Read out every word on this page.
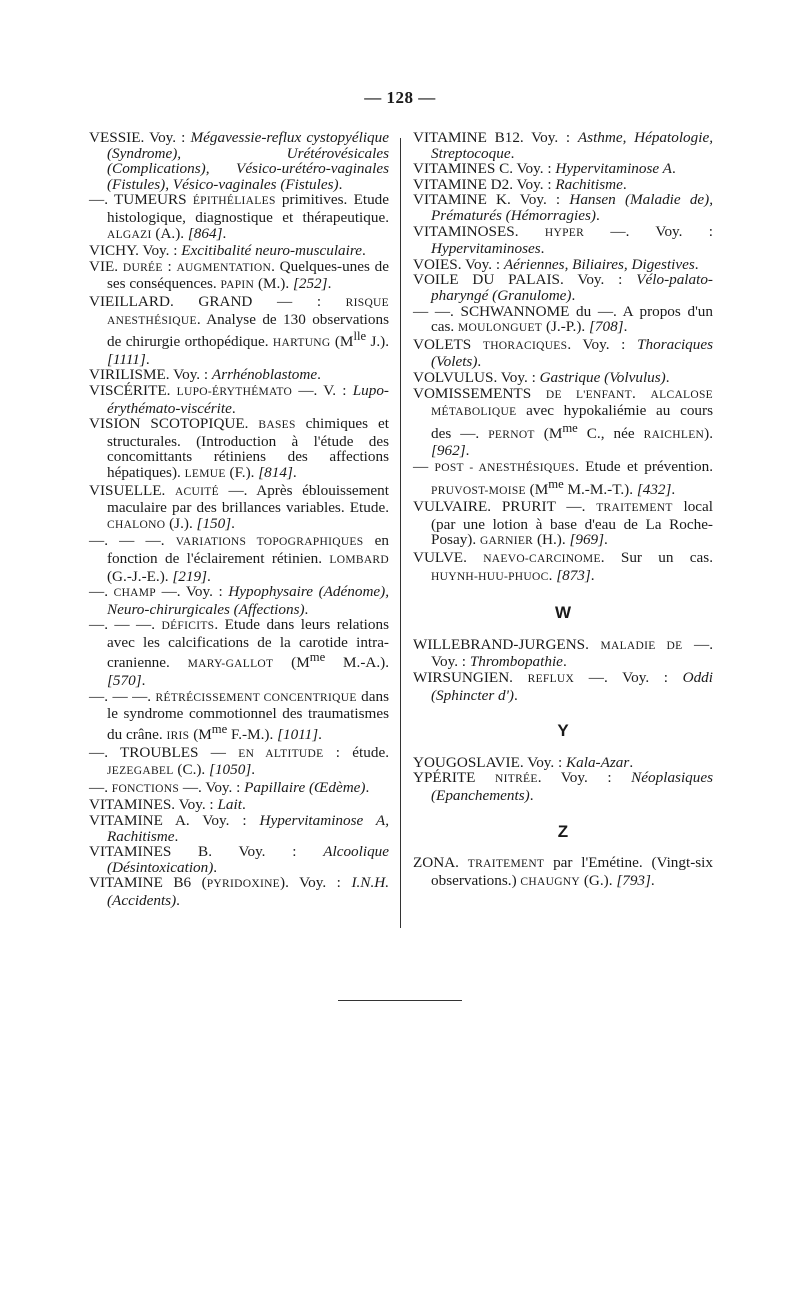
— 128 —

VESSIE. Voy. : Mégavessie-reflux cystopyélique (Syndrome), Urétérovésicales (Complications), Vésico-urétéro-vaginales (Fistules), Vésico-vaginales (Fistules).

—. TUMEURS ÉPITHÉLIALES primitives. Etude histologique, diagnostique et thérapeutique. ALGAZI (A.). [864].

VICHY. Voy. : Excitibalité neuro-musculaire.

VIE. DURÉE : AUGMENTATION. Quelques-unes de ses conséquences. PAPIN (M.). [252].

VIEILLARD. GRAND — : RISQUE ANESTHÉSIQUE. Analyse de 130 observations de chirurgie orthopédique. HARTUNG ($M^{lle}$ J.). [1111].

VIRILISME. Voy. : Arrhénoblastome.

VISCÉRITE. LUPO-ÉRYTHÉMATO —. V. : Lupo-érythémato-viscérite.

VISION SCOTOPIQUE. BASES chimiques et structurales. (Introduction à l'étude des concomittants rétiniens des affections hépatiques). LEMUE (F.). [814].

VISUELLE. ACUITÉ —. Après éblouissement maculaire par des brillances variables. Etude. CHALONO (J.). [150].

—. — —. VARIATIONS TOPOGRAPHIQUES en fonction de l'éclairement rétinien. LOMBARD (G.-J.-E.). [219].

—. CHAMP —. Voy. : Hypophysaire (Adénome), Neuro-chirurgicales (Affections).

—. — —. DÉFICITS. Etude dans leurs relations avec les calcifications de la carotide intra-cranienne. MARY-GALLOT ($M^{me}$ M.-A.). [570].

—. — —. RÉTRÉCISSEMENT CONCENTRIQUE dans le syndrome commotionnel des traumatismes du crâne. IRIS ($M^{me}$ F.-M.). [1011].

—. TROUBLES — EN ALTITUDE : étude. JEZEGABEL (C.). [1050].

—. FONCTIONS —. Voy. : Papillaire (Œdème).

VITAMINES. Voy. : Lait.

VITAMINE A. Voy. : Hypervitaminose A, Rachitisme.

VITAMINES B. Voy. : Alcoolique (Désintoxication).

VITAMINE B6 (PYRIDOXINE). Voy. : I.N.H. (Accidents).

VITAMINE B12. Voy. : Asthme, Hépatologie, Streptocoque.

VITAMINES C. Voy. : Hypervitaminose A.

VITAMINE D2. Voy. : Rachitisme.

VITAMINE K. Voy. : Hansen (Maladie de), Prématurés (Hémorragies).

VITAMINOSES. HYPER —. Voy. : Hypervitaminoses.

VOIES. Voy. : Aériennes, Biliaires, Digestives.

VOILE DU PALAIS. Voy. : Vélo-palato-pharyngé (Granulome).

— —. SCHWANNOME du —. A propos d'un cas. MOULONGUET (J.-P.). [708].

VOLETS THORACIQUES. Voy. : Thoraciques (Volets).

VOLVULUS. Voy. : Gastrique (Volvulus).

VOMISSEMENTS DE L'ENFANT. ALCALOSE MÉTABOLIQUE avec hypokaliémie au cours des —. PERNOT ($M^{me}$ C., née RAICHLEN). [962].

— POST - ANESTHÉSIQUES. Etude et prévention. PRUVOST-MOISE ($M^{me}$ M.-M.-T.). [432].

VULVAIRE. PRURIT —. TRAITEMENT local (par une lotion à base d'eau de La Roche-Posay). GARNIER (H.). [969].

VULVE. NAEVO-CARCINOME. Sur un cas. HUYNH-HUU-PHUOC. [873].

W

WILLEBRAND-JURGENS. MALADIE DE —. Voy. : Thrombopathie.

WIRSUNGIEN. REFLUX —. Voy. : Oddi (Sphincter d').

Y

YOUGOSLAVIE. Voy. : Kala-Azar.

YPÉRITE NITRÉE. Voy. : Néoplasiques (Epanchements).

Z

ZONA. TRAITEMENT par l'Emétine. (Vingt-six observations.) CHAUGNY (G.). [793].
